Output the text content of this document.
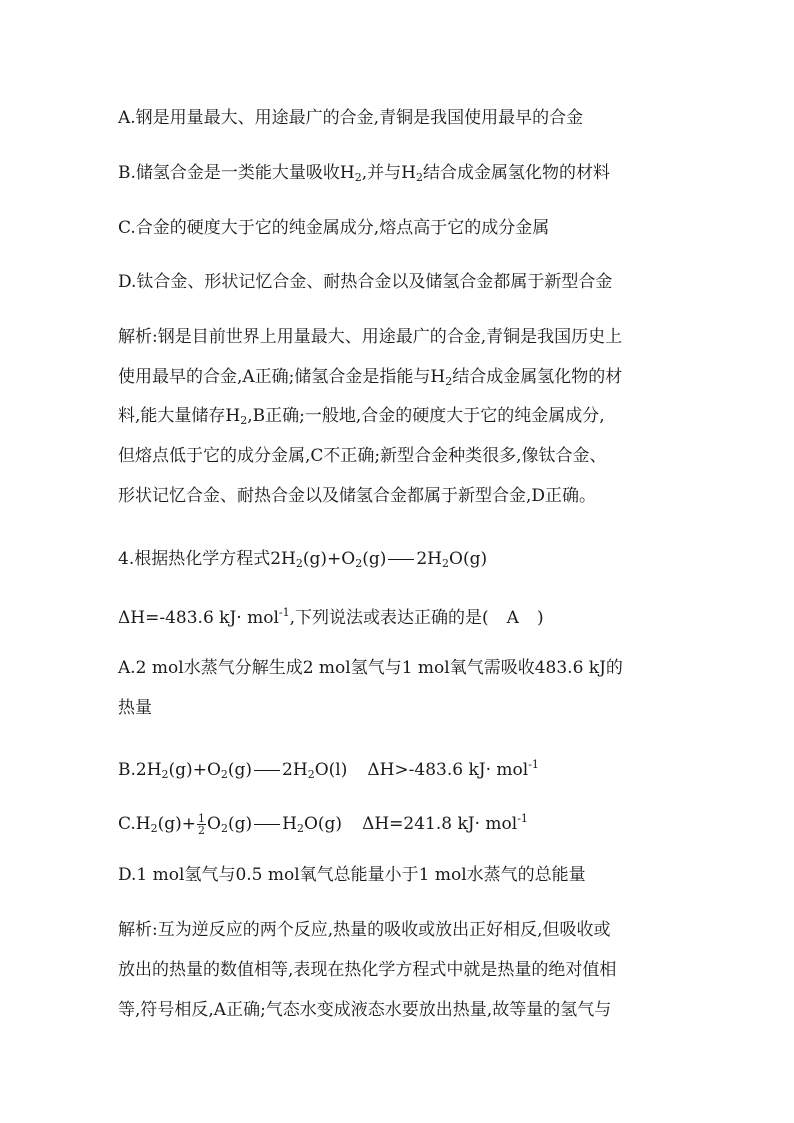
A.钢是用量最大、用途最广的合金,青铜是我国使用最早的合金
B.储氢合金是一类能大量吸收$H_2$,并与$H_2$结合成金属氢化物的材料
C.合金的硬度大于它的纯金属成分,熔点高于它的成分金属
D.钛合金、形状记忆合金、耐热合金以及储氢合金都属于新型合金
解析:钢是目前世界上用量最大、用途最广的合金,青铜是我国历史上
使用最早的合金,A正确;储氢合金是指能与$H_2$结合成金属氢化物的材
料,能大量储存$H_2,B$正确;一般地,合金的硬度大于它的纯金属成分,
但熔点低于它的成分金属,C不正确;新型合金种类很多,像钛合金、
形状记忆合金、耐热合金以及储氢合金都属于新型合金,D正确。
4.根据热化学方程式$2H_2(g)+O_2(g)$ $2H_2O(g)$
ΔH=-483.6 kJ· mol$^{-1}$,下列说法或表达正确的是( A )
A.2 mol水蒸气分解生成2 mol氢气与1 mol氧气需吸收483.6 kJ的
热量
$B.2H_2(g)+O_2(g)$ $2H_2O(l)$ ΔH>-483.6 kJ· mol$^{-1}$
$C.H_2(g)+ \frac{1}{2} O_2(g)$ $H_2O(g)$ ΔH=241.8 kJ· mol$^{-1}$
D.1 mol氢气与0.5 mol氧气总能量小于1 mol水蒸气的总能量
解析:互为逆反应的两个反应,热量的吸收或放出正好相反,但吸收或
放出的热量的数值相等,表现在热化学方程式中就是热量的绝对值相
等,符号相反,A正确;气态水变成液态水要放出热量,故等量的氢气与
